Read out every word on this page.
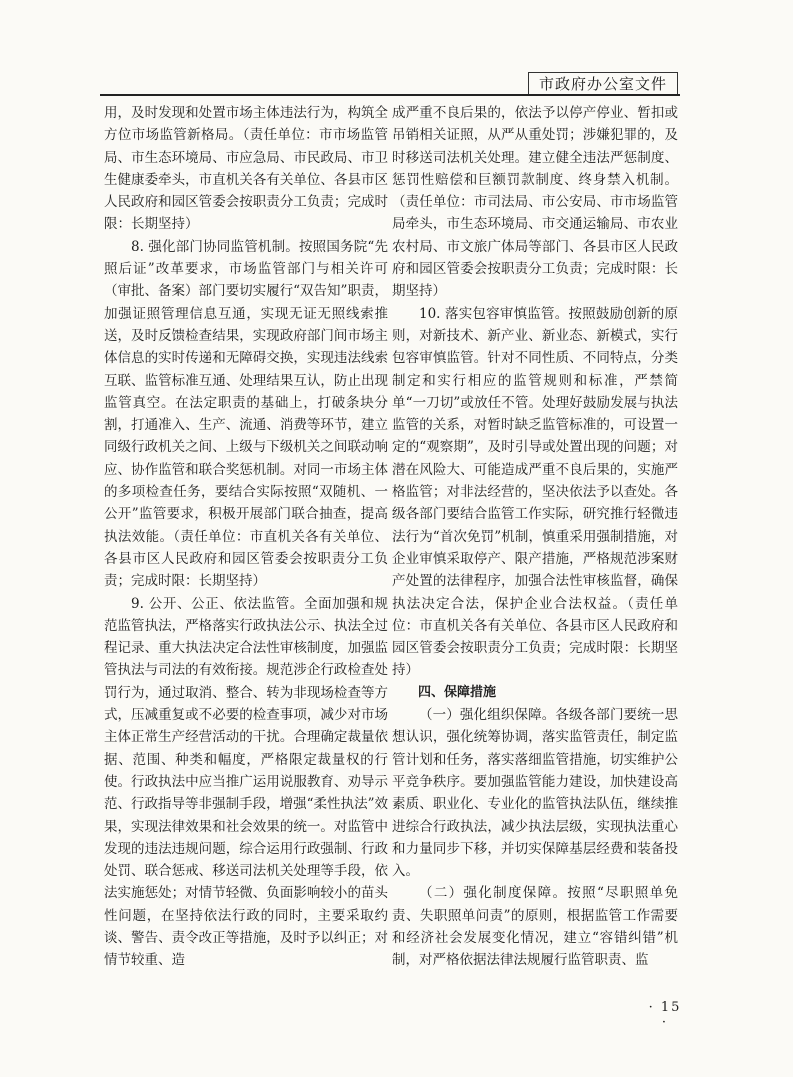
市政府办公室文件

用，及时发现和处置市场主体违法行为，构筑全方位市场监管新格局。（责任单位：市市场监管局、市生态环境局、市应急局、市民政局、市卫生健康委牵头，市直机关各有关单位、各县市区人民政府和园区管委会按职责分工负责；完成时限：长期坚持）

8. 强化部门协同监管机制。按照国务院“先照后证”改革要求，市场监管部门与相关许可（审批、备案）部门要切实履行“双告知”职责，加强证照管理信息互通，实现无证无照线索推送，及时反馈检查结果，实现政府部门间市场主体信息的实时传递和无障碍交换，实现违法线索互联、监管标准互通、处理结果互认，防止出现监管真空。在法定职责的基础上，打破条块分割，打通准入、生产、流通、消费等环节，建立同级行政机关之间、上级与下级机关之间联动响应、协作监管和联合奖惩机制。对同一市场主体的多项检查任务，要结合实际按照“双随机、一公开”监管要求，积极开展部门联合抽查，提高执法效能。（责任单位：市直机关各有关单位、各县市区人民政府和园区管委会按职责分工负责；完成时限：长期坚持）

9. 公开、公正、依法监管。全面加强和规范监管执法，严格落实行政执法公示、执法全过程记录、重大执法决定合法性审核制度，加强监管执法与司法的有效衔接。规范涉企行政检查处罚行为，通过取消、整合、转为非现场检查等方式，压减重复或不必要的检查事项，减少对市场主体正常生产经营活动的干扰。合理确定裁量依据、范围、种类和幅度，严格限定裁量权的行使。行政执法中应当推广运用说服教育、劝导示范、行政指导等非强制手段，增强“柔性执法”效果，实现法律效果和社会效果的统一。对监管中发现的违法违规问题，综合运用行政强制、行政处罚、联合惩戒、移送司法机关处理等手段，依法实施惩处；对情节轻微、负面影响较小的苗头性问题，在坚持依法行政的同时，主要采取约谈、警告、责令改正等措施，及时予以纠正；对情节较重、造

成严重不良后果的，依法予以停产停业、暂扣或吊销相关证照，从严从重处罚；涉嫌犯罪的，及时移送司法机关处理。建立健全违法严惩制度、惩罚性赔偿和巨额罚款制度、终身禁入机制。（责任单位：市司法局、市公安局、市市场监管局牵头，市生态环境局、市交通运输局、市农业农村局、市文旅广体局等部门、各县市区人民政府和园区管委会按职责分工负责；完成时限：长期坚持）

10. 落实包容审慎监管。按照鼓励创新的原则，对新技术、新产业、新业态、新模式，实行包容审慎监管。针对不同性质、不同特点，分类制定和实行相应的监管规则和标准，严禁简单“一刀切”或放任不管。处理好鼓励发展与执法监管的关系，对暂时缺乏监管标准的，可设置一定的“观察期”，及时引导或处置出现的问题；对潜在风险大、可能造成严重不良后果的，实施严格监管；对非法经营的，坚决依法予以查处。各级各部门要结合监管工作实际，研究推行轻微违法行为“首次免罚”机制，慎重采用强制措施，对企业审慎采取停产、限产措施，严格规范涉案财产处置的法律程序，加强合法性审核监督，确保执法决定合法，保护企业合法权益。（责任单位：市直机关各有关单位、各县市区人民政府和园区管委会按职责分工负责；完成时限：长期坚持）

四、保障措施

（一）强化组织保障。各级各部门要统一思想认识，强化统筹协调，落实监管责任，制定监管计划和任务，落实落细监管措施，切实维护公平竞争秩序。要加强监管能力建设，加快建设高素质、职业化、专业化的监管执法队伍，继续推进综合行政执法，减少执法层级，实现执法重心和力量同步下移，并切实保障基层经费和装备投入。

（二）强化制度保障。按照“尽职照单免责、失职照单问责”的原则，根据监管工作需要和经济社会发展变化情况，建立“容错纠错”机制，对严格依据法律法规履行监管职责、监

· 15 ·
